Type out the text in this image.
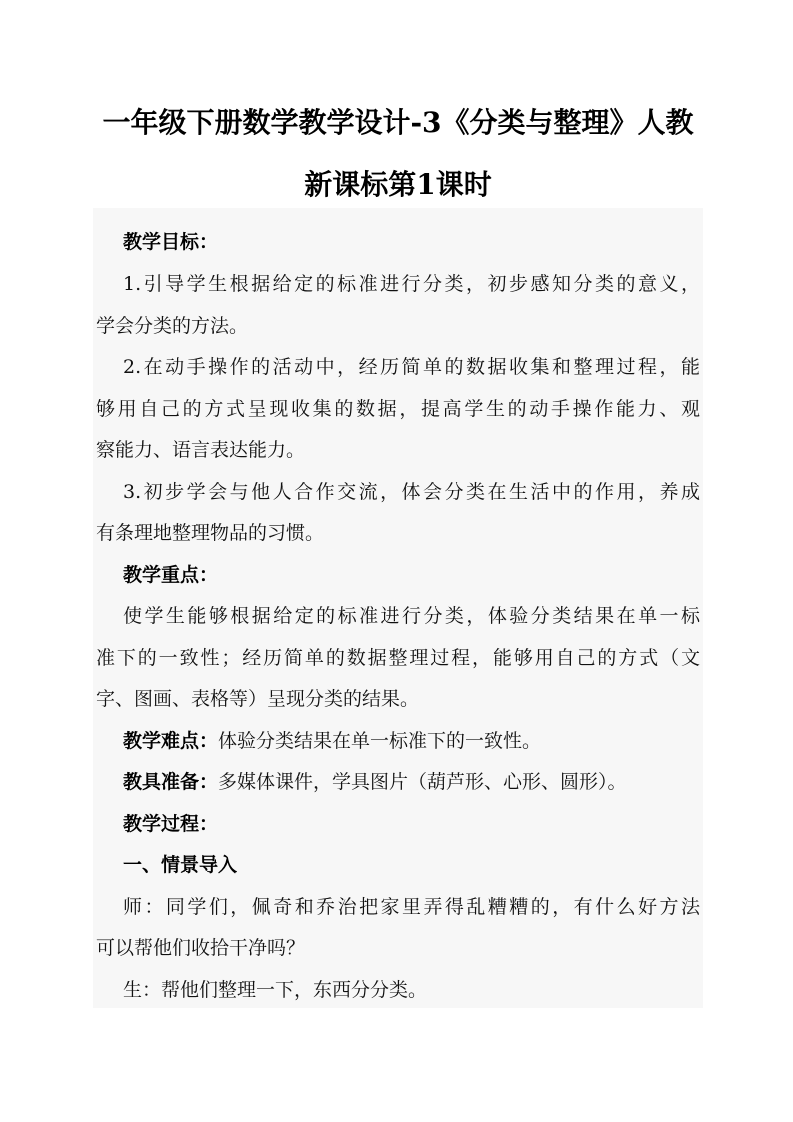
一年级下册数学教学设计-3《分类与整理》人教
新课标第1课时
教学目标：
1.引导学生根据给定的标准进行分类，初步感知分类的意义，
学会分类的方法。
2.在动手操作的活动中，经历简单的数据收集和整理过程，能
够用自己的方式呈现收集的数据，提高学生的动手操作能力、观
察能力、语言表达能力。
3.初步学会与他人合作交流，体会分类在生活中的作用，养成
有条理地整理物品的习惯。
教学重点：
使学生能够根据给定的标准进行分类，体验分类结果在单一标
准下的一致性；经历简单的数据整理过程，能够用自己的方式（文
字、图画、表格等）呈现分类的结果。
教学难点：体验分类结果在单一标准下的一致性。
教具准备：多媒体课件，学具图片（葫芦形、心形、圆形）。
教学过程：
一、情景导入
师：同学们，佩奇和乔治把家里弄得乱糟糟的，有什么好方法
可以帮他们收拾干净吗？
生：帮他们整理一下，东西分分类。
